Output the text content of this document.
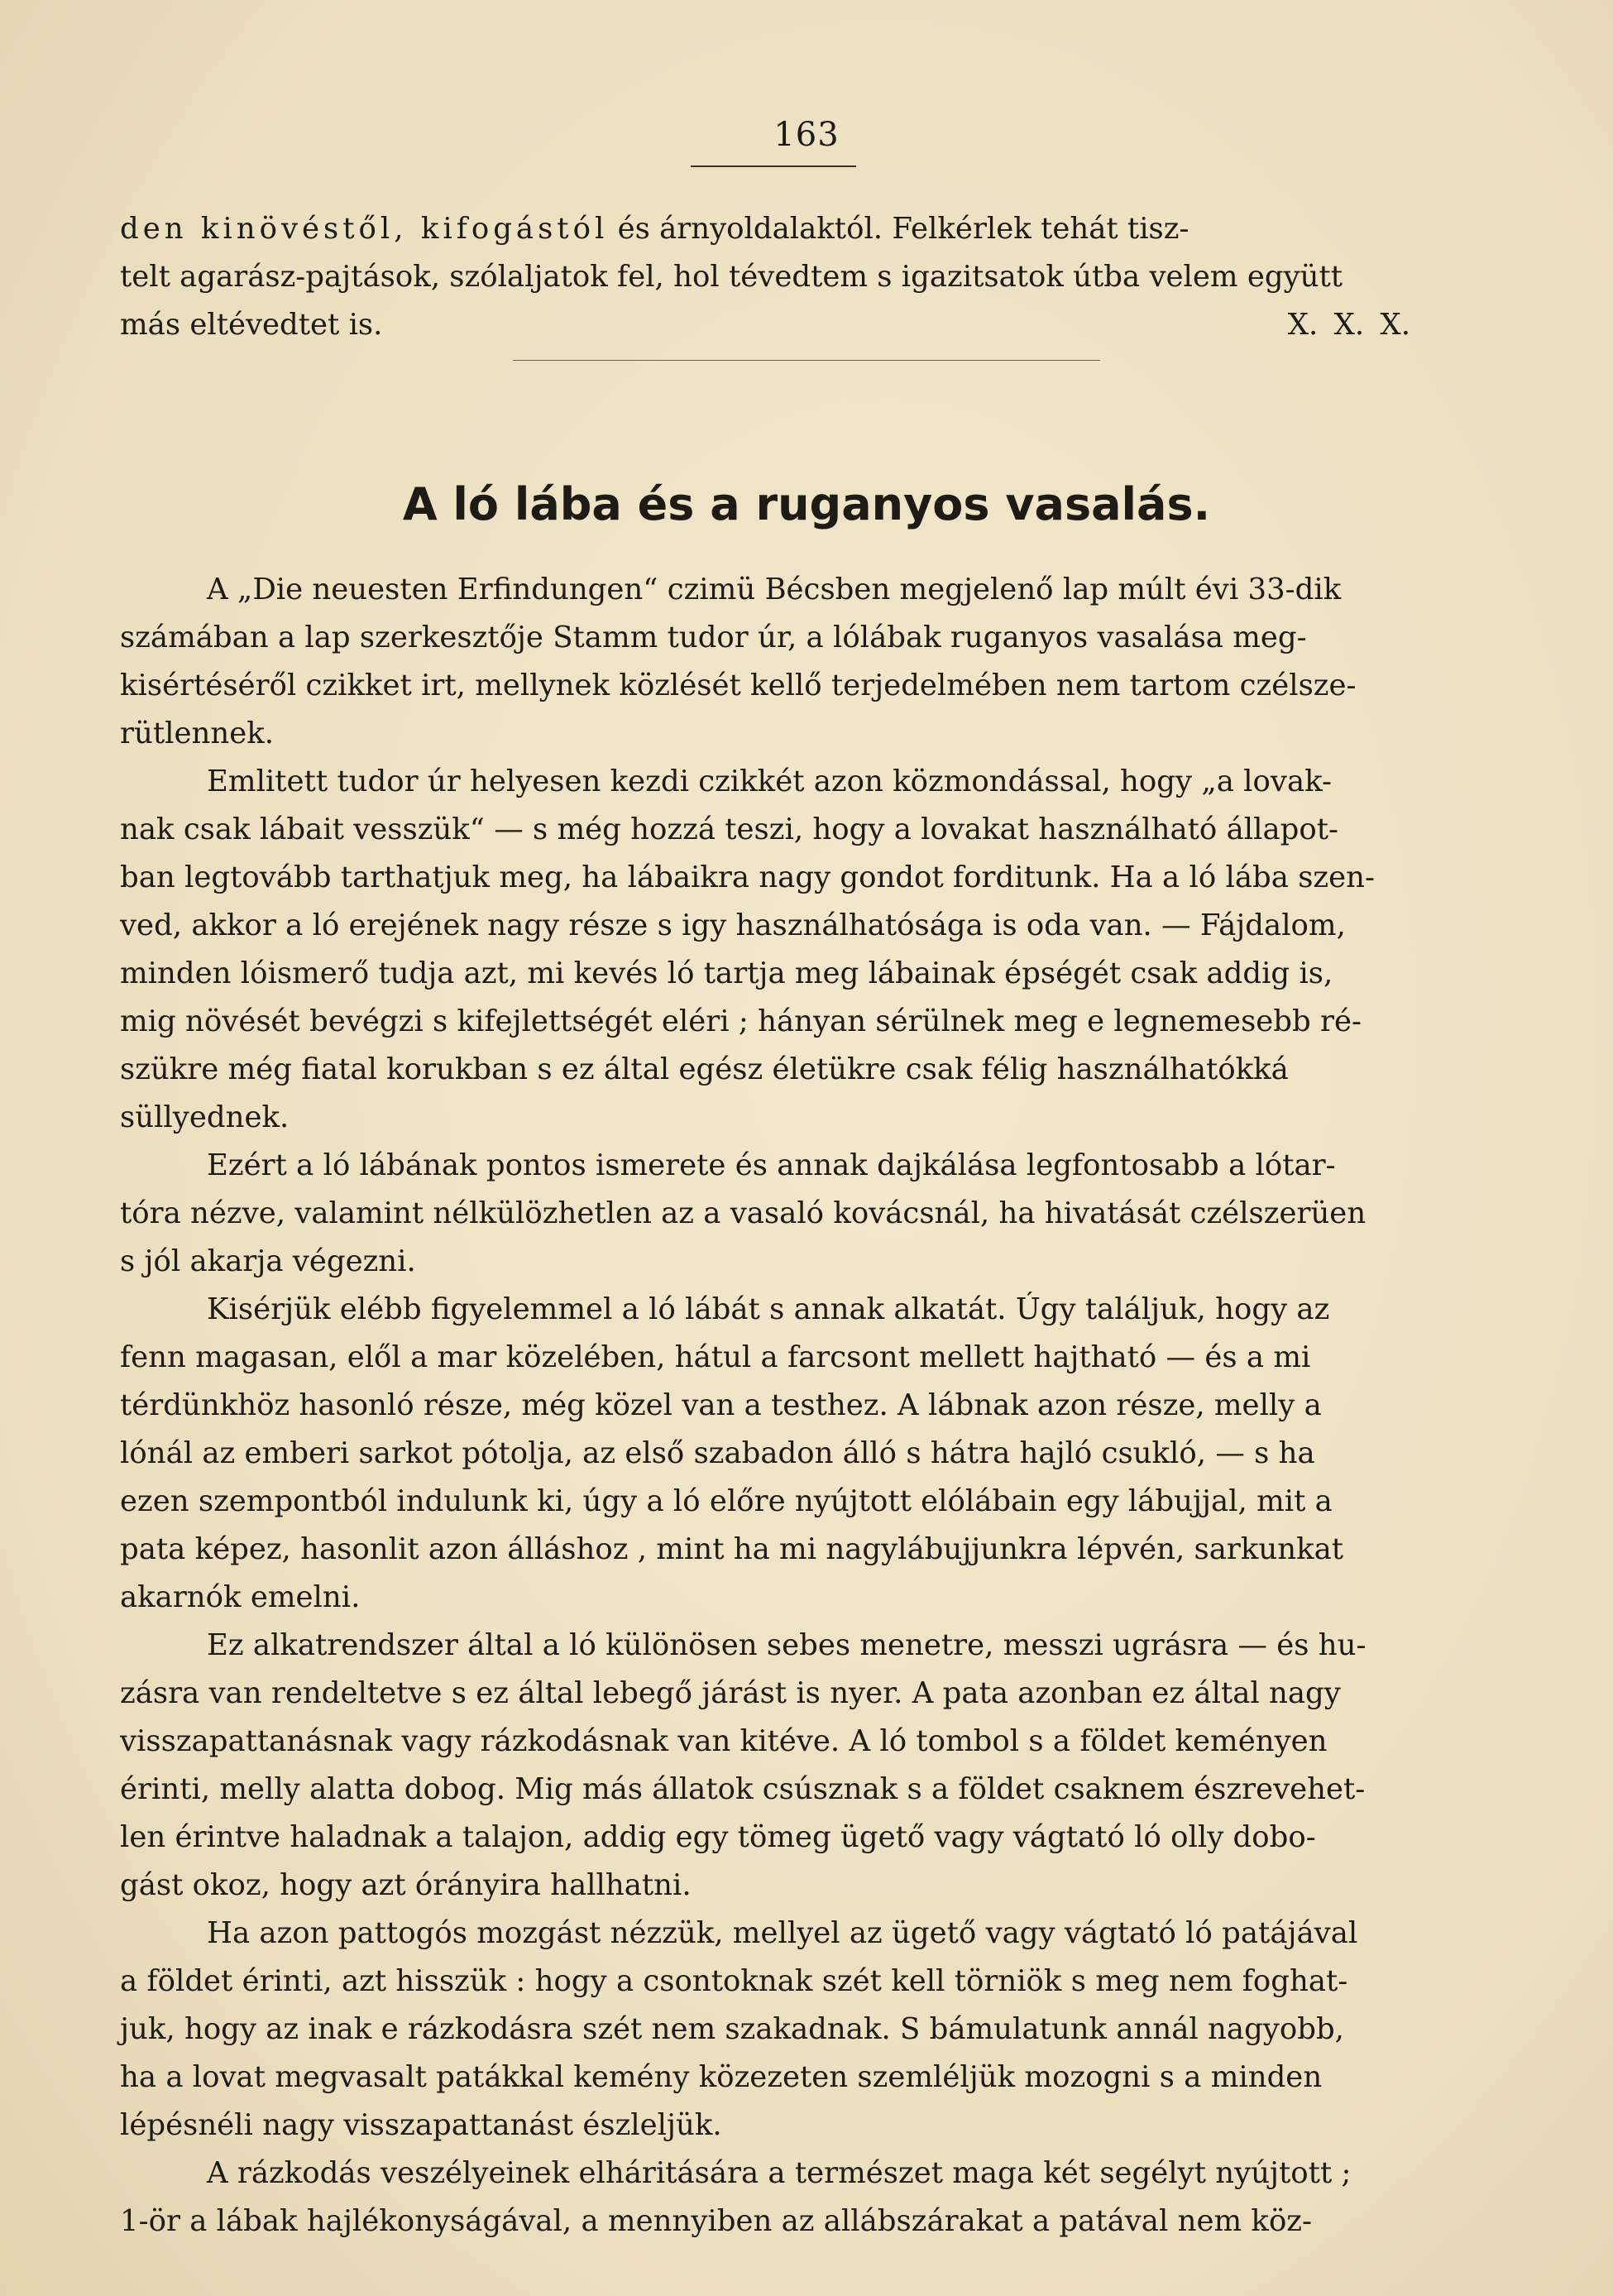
163

den kinövéstől, kifogástól és árnyoldalaktól. Felkérlek tehát tisz-

telt agarász-pajtások, szólaljatok fel, hol tévedtem s igazitsatok útba velem együtt

más eltévedtet is.	X. X. X.

A ló lába és a ruganyos vasalás.

A „Die neuesten Erfindungen“ czimü Bécsben megjelenő lap múlt évi 33-dik

számában a lap szerkesztője Stamm tudor úr, a lólábak ruganyos vasalása meg-

kisértéséről czikket irt, mellynek közlését kellő terjedelmében nem tartom czélsze-

rütlennek.

Emlitett tudor úr helyesen kezdi czikkét azon közmondással, hogy „a lovak-

nak csak lábait vesszük“ — s még hozzá teszi, hogy a lovakat használható állapot-

ban legtovább tarthatjuk meg, ha lábaikra nagy gondot forditunk. Ha a ló lába szen-

ved, akkor a ló erejének nagy része s igy használhatósága is oda van. — Fájdalom,

minden lóismerő tudja azt, mi kevés ló tartja meg lábainak épségét csak addig is,

mig növését bevégzi s kifejlettségét eléri ; hányan sérülnek meg e legnemesebb ré-

szükre még fiatal korukban s ez által egész életükre csak félig használhatókká

süllyednek.

Ezért a ló lábának pontos ismerete és annak dajkálása legfontosabb a lótar-

tóra nézve, valamint nélkülözhetlen az a vasaló kovácsnál, ha hivatását czélszerüen

s jól akarja végezni.

Kisérjük elébb figyelemmel a ló lábát s annak alkatát. Úgy találjuk, hogy az

fenn magasan, elől a mar közelében, hátul a farcsont mellett hajtható — és a mi

térdünkhöz hasonló része, még közel van a testhez. A lábnak azon része, melly a

lónál az emberi sarkot pótolja, az első szabadon álló s hátra hajló csukló, — s ha

ezen szempontból indulunk ki, úgy a ló előre nyújtott elólábain egy lábujjal, mit a

pata képez, hasonlit azon álláshoz , mint ha mi nagylábujjunkra lépvén, sarkunkat

akarnók emelni.

Ez alkatrendszer által a ló különösen sebes menetre, messzi ugrásra — és hu-

zásra van rendeltetve s ez által lebegő járást is nyer. A pata azonban ez által nagy

visszapattanásnak vagy rázkodásnak van kitéve. A ló tombol s a földet keményen

érinti, melly alatta dobog. Mig más állatok csúsznak s a földet csaknem észrevehet-

len érintve haladnak a talajon, addig egy tömeg ügető vagy vágtató ló olly dobo-

gást okoz, hogy azt órányira hallhatni.

Ha azon pattogós mozgást nézzük, mellyel az ügető vagy vágtató ló patájával

a földet érinti, azt hisszük : hogy a csontoknak szét kell törniök s meg nem foghat-

juk, hogy az inak e rázkodásra szét nem szakadnak. S bámulatunk annál nagyobb,

ha a lovat megvasalt patákkal kemény közezeten szemléljük mozogni s a minden

lépésnéli nagy visszapattanást észleljük.

A rázkodás veszélyeinek elháritására a természet maga két segélyt nyújtott ;

1-ör a lábak hajlékonyságával, a mennyiben az allábszárakat a patával nem köz-
